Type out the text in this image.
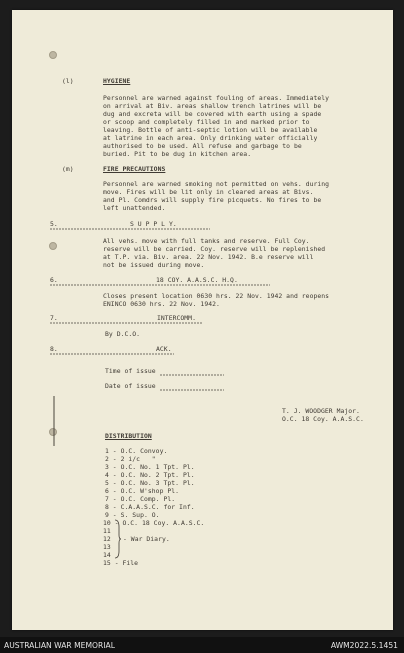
(l)	HYGIENE
Personnel are warned against fouling of areas. Immediately
on arrival at Biv. areas shallow trench latrines will be
dug and excreta will be covered with earth using a spade
or scoop and completely filled in and marked prior to
leaving. Bottle of anti-septic lotion will be available
at latrine in each area. Only drinking water officially
authorised to be used. All refuse and garbage to be
buried. Pit to be dug in kitchen area.
(m)	FIRE PRECAUTIONS
Personnel are warned smoking not permitted on vehs. during
move. Fires will be lit only in cleared areas at Bivs.
and Pl. Comdrs will supply fire picquets. No fires to be
left unattended.
5.	S U P P L Y.
All vehs. move with full tanks and reserve. Full Coy.
reserve will be carried. Coy. reserve will be replenished
at T.P. via. Biv. area. 22 Nov. 1942. B.e reserve will
not be issued during move.
6.	18 COY. A.A.S.C. H.Q.
Closes present location 0630 hrs. 22 Nov. 1942 and reopens
ENINCO 0630 hrs. 22 Nov. 1942.
7.	INTERCOMM.
By D.C.O.
8.	ACK.
Time of issue
Date of issue
T. J. WOODGER Major.
O.C. 18 Coy. A.A.S.C.
DISTRIBUTION
1 - O.C. Convoy.
2 - 2 i/c   "
3 - O.C. No. 1 Tpt. Pl.
4 - O.C. No. 2 Tpt. Pl.
5 - O.C. No. 3 Tpt. Pl.
6 - O.C. W'shop Pl.
7 - O.C. Comp. Pl.
8 - C.A.A.S.C. for Inf.
9 - S. Sup. O.
10 - O.C. 18 Coy. A.A.S.C.
11
12
13
14
15 - File
- War Diary.
AUSTRALIAN WAR MEMORIAL	AWM2022.5.1451
